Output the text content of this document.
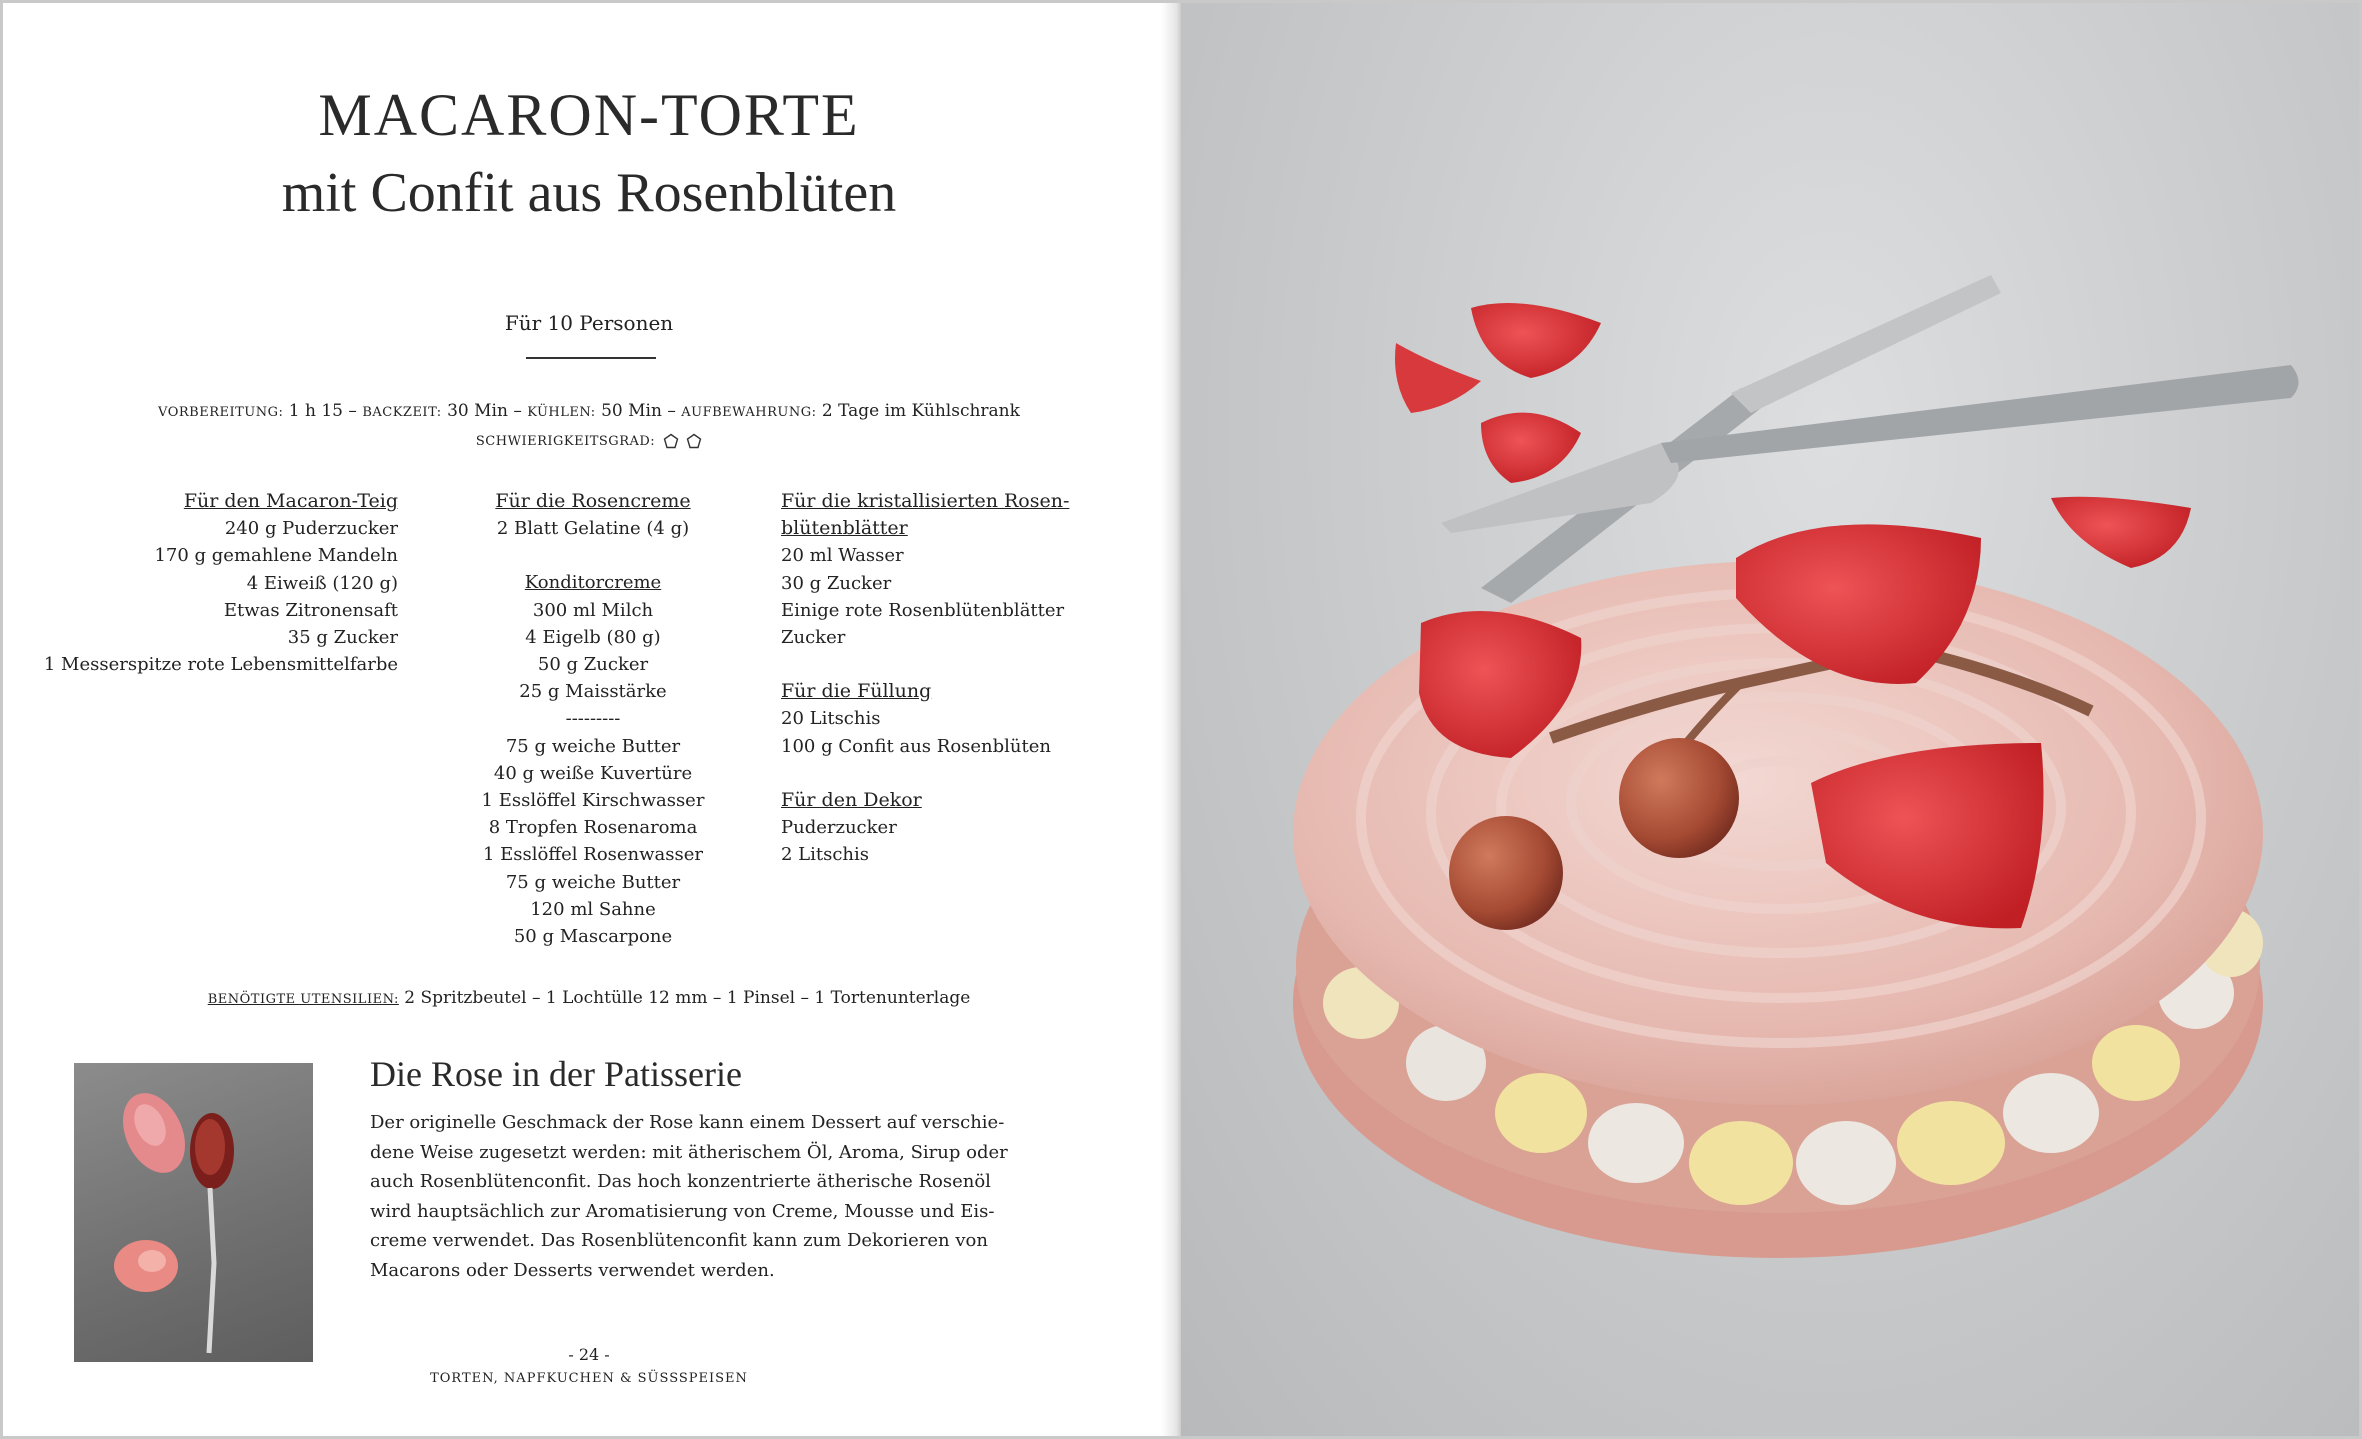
MACARON-TORTE
mit Confit aus Rosenblüten
Für 10 Personen
VORBEREITUNG: 1 h 15 – BACKZEIT: 30 Min – KÜHLEN: 50 Min – AUFBEWAHRUNG: 2 Tage im Kühlschrank
SCHWIERIGKEITSGRAD:
Für den Macaron-Teig
240 g Puderzucker
170 g gemahlene Mandeln
4 Eiweiß (120 g)
Etwas Zitronensaft
35 g Zucker
1 Messerspitze rote Lebensmittelfarbe
Für die Rosencreme
2 Blatt Gelatine (4 g)
Konditorcreme
300 ml Milch
4 Eigelb (80 g)
50 g Zucker
25 g Maisstärke
---------
75 g weiche Butter
40 g weiße Kuvertüre
1 Esslöffel Kirschwasser
8 Tropfen Rosenaroma
1 Esslöffel Rosenwasser
75 g weiche Butter
120 ml Sahne
50 g Mascarpone
Für die kristallisierten Rosen-
blütenblätter
20 ml Wasser
30 g Zucker
Einige rote Rosenblütenblätter
Zucker
Für die Füllung
20 Litschis
100 g Confit aus Rosenblüten
Für den Dekor
Puderzucker
2 Litschis
BENÖTIGTE UTENSILIEN: 2 Spritzbeutel – 1 Lochtülle 12 mm – 1 Pinsel – 1 Tortenunterlage
Die Rose in der Patisserie
Der originelle Geschmack der Rose kann einem Dessert auf verschie-
dene Weise zugesetzt werden: mit ätherischem Öl, Aroma, Sirup oder
auch Rosenblütenconfit. Das hoch konzentrierte ätherische Rosenöl
wird hauptsächlich zur Aromatisierung von Creme, Mousse und Eis-
creme verwendet. Das Rosenblütenconfit kann zum Dekorieren von
Macarons oder Desserts verwendet werden.
- 24 -
TORTEN, NAPFKUCHEN & SÜSSSPEISEN
